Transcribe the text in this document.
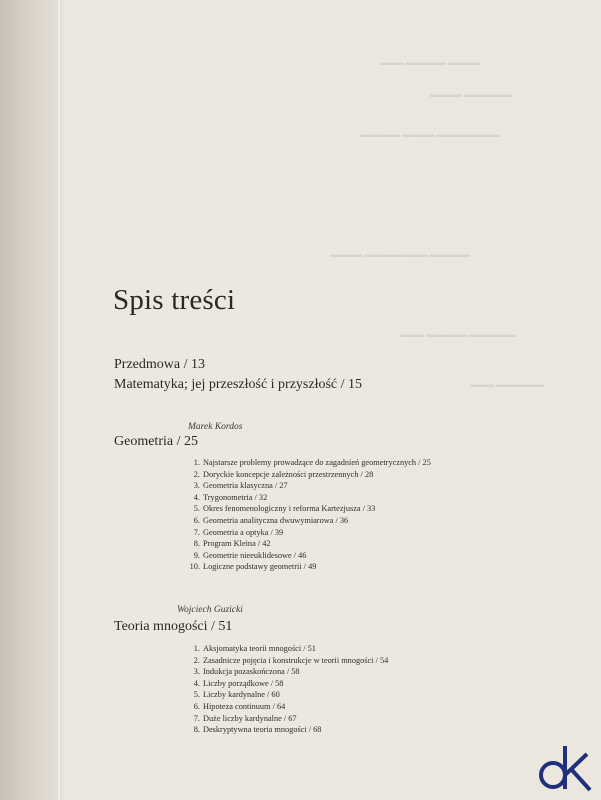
▬▬▬▬ ▬▬▬▬▬ ▬▬▬
▬▬▬▬▬▬ ▬▬▬▬
▬▬▬▬▬▬▬▬ ▬▬▬▬ ▬▬▬▬▬
▬▬▬▬▬ ▬▬▬▬▬▬▬▬ ▬▬▬▬
▬▬▬▬▬▬ ▬▬▬▬▬ ▬▬▬
▬▬▬▬▬▬ ▬▬▬
Spis treści
Przedmowa / 13
Matematyka; jej przeszłość i przyszłość / 15
Marek Kordos
Geometria / 25
1. Najstarsze problemy prowadzące do zagadnień geometrycznych / 25
2. Doryckie koncepcje zależności przestrzennych / 28
3. Geometria klasyczna / 27
4. Trygonometria / 32
5. Okres fenomenologiczny i reforma Kartezjusza / 33
6. Geometria analityczna dwuwymiarowa / 36
7. Geometria a optyka / 39
8. Program Kleina / 42
9. Geometrie nieeuklidesowe / 46
10. Logiczne podstawy geometrii / 49
Wojciech Guzicki
Teoria mnogości / 51
1. Aksjomatyka teorii mnogości / 51
2. Zasadnicze pojęcia i konstrukcje w teorii mnogości / 54
3. Indukcja pozaskończona / 58
4. Liczby porządkowe / 58
5. Liczby kardynalne / 60
6. Hipoteza continuum / 64
7. Duże liczby kardynalne / 67
8. Deskryptywna teoria mnogości / 68
